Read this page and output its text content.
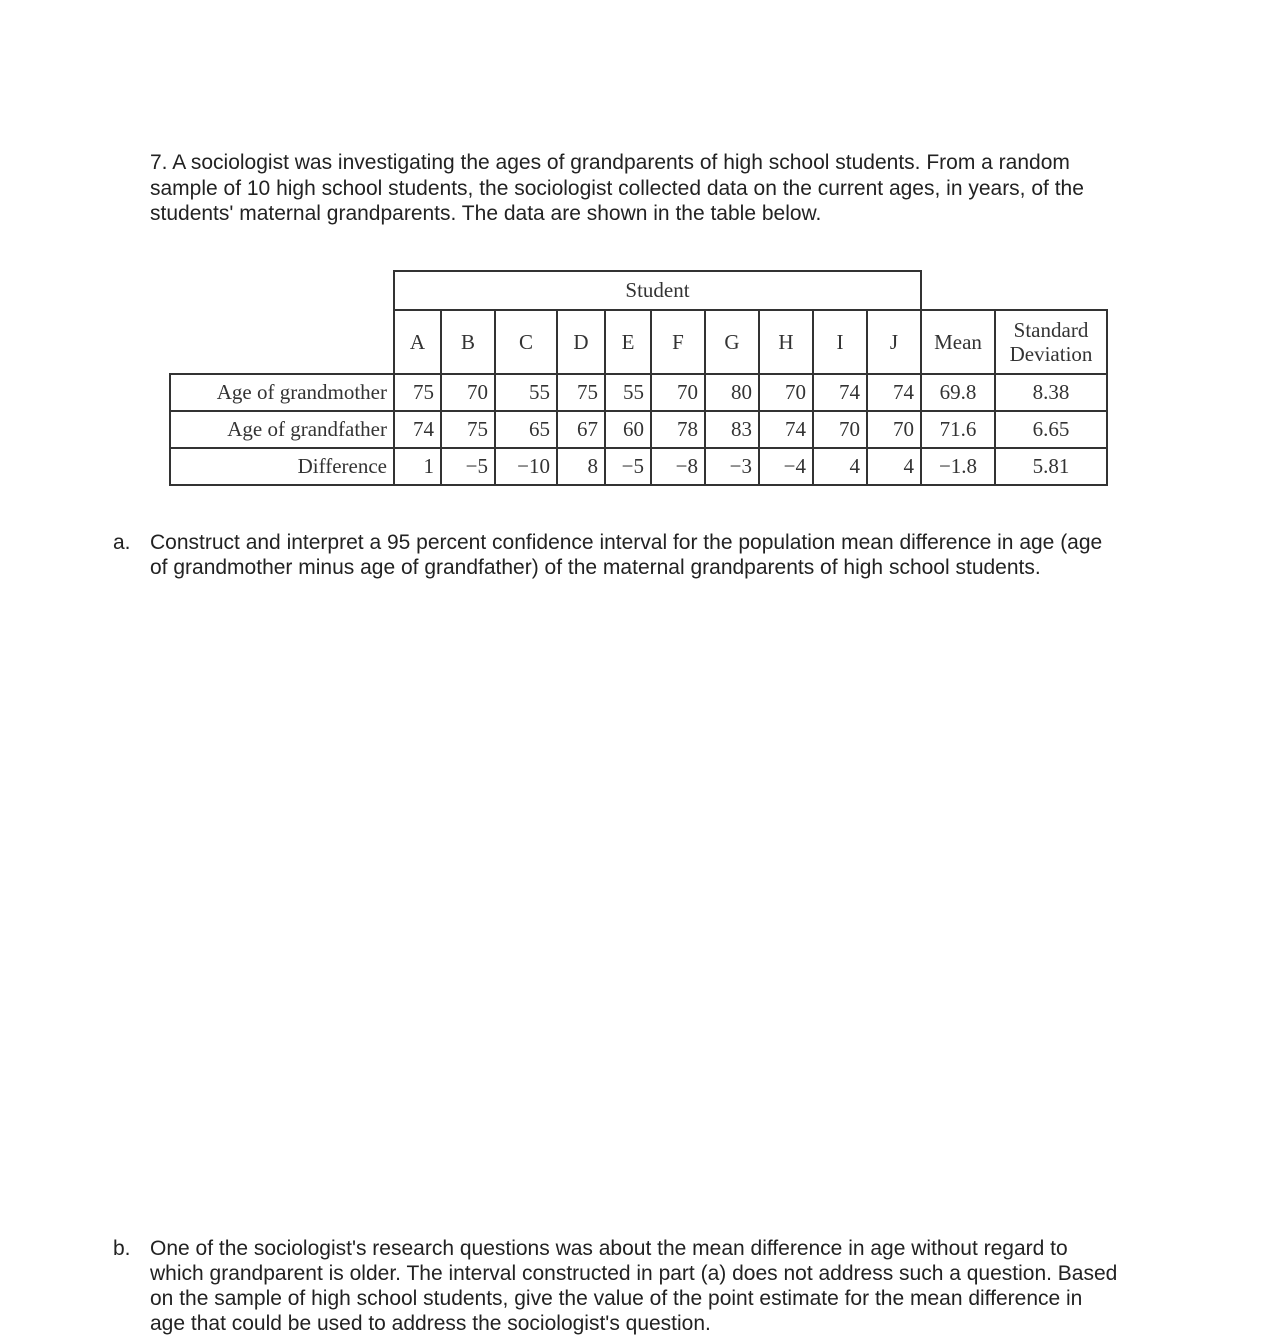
7. A sociologist was investigating the ages of grandparents of high school students. From a random sample of 10 high school students, the sociologist collected data on the current ages, in years, of the students' maternal grandparents. The data are shown in the table below.

	Student											
	A	B	C	D	E	F	G	H	I	J	Mean	Standard
Deviation

Age of grandmother	75	70	55	75	55	70	80	70	74	74	69.8	8.38
Age of grandfather	74	75	65	67	60	78	83	74	70	70	71.6	6.65
Difference	1	−5	−10	8	−5	−8	−3	−4	4	4	−1.8	5.81
a. Construct and interpret a 95 percent confidence interval for the population mean difference in age (age of grandmother minus age of grandfather) of the maternal grandparents of high school students.
b. One of the sociologist's research questions was about the mean difference in age without regard to which grandparent is older. The interval constructed in part (a) does not address such a question. Based on the sample of high school students, give the value of the point estimate for the mean difference in age that could be used to address the sociologist's question.
